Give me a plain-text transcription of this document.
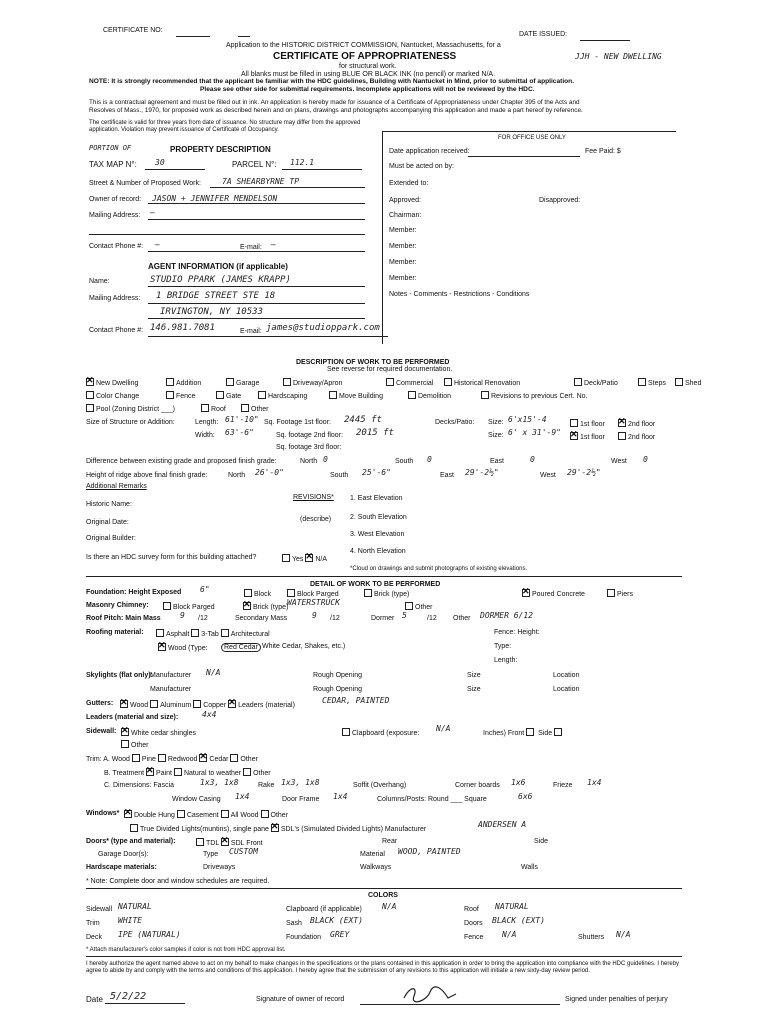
CERTIFICATE NO:
DATE ISSUED:
Application to the HISTORIC DISTRICT COMMISSION, Nantucket, Massachusetts, for a
CERTIFICATE OF APPROPRIATENESS	JJH - NEW DWELLING
for structural work.
All blanks must be filled in using BLUE OR BLACK INK (no pencil) or marked N/A.
NOTE: It is strongly recommended that the applicant be familiar with the HDC guidelines, Building with Nantucket in Mind, prior to submittal of application.
Please see other side for submittal requirements. Incomplete applications will not be reviewed by the HDC.
This is a contractual agreement and must be filled out in ink. An application is hereby made for issuance of a Certificate of Appropriateness under Chapter 395 of the Acts and
Resolves of Mass., 1970, for proposed work as described herein and on plans, drawings and photographs accompanying this application and made a part hereof by reference.
The certificate is valid for three years from date of issuance. No structure may differ from the approved application. Violation may prevent issuance of Certificate of Occupancy.
FOR OFFICE USE ONLY
Date application received:	Fee Paid: $
Must be acted on by:
Extended to:
Approved:	Disapproved:
Chairman:
Member:
Member:
Member:
Member:
Notes - Comments - Restrictions - Conditions
PORTION OF	PROPERTY DESCRIPTION
TAX MAP N°: 30	PARCEL N°: 112.1
Street & Number of Proposed Work:	7A SHEARBYRNE TP
Owner of record: JASON + JENNIFER MENDELSON
Mailing Address: —
Contact Phone #: —	E-mail: —
AGENT INFORMATION (if applicable)
Name:	STUDIO PPARK (JAMES KRAPP)
Mailing Address: 1 BRIDGE STREET STE 18
IRVINGTON, NY 10533
Contact Phone #: 146.981.7081	E-mail: james@studioppark.com
DESCRIPTION OF WORK TO BE PERFORMED
See reverse for required documentation.
✕New Dwelling	Addition	Garage	Driveway/Apron	Commercial	Historical Renovation	Deck/Patio	Steps	Shed
Color Change	Fence	Gate	Hardscaping	Move Building	Demolition	Revisions to previous Cert. No.
Pool (Zoning District ___)	Roof	Other
Size of Structure or Addition:	Length: 61'-10" Sq. Footage 1st floor: 2445 ft	Decks/Patio: Size: 6'x15'-4
1st floor ✕	2nd floor
Width: 63'-6"	Sq. footage 2nd floor: 2015 ft	Size: 6' x 31'-9"
✕1st floor	2nd floor
Sq. footage 3rd floor:
Difference between existing grade and proposed finish grade:	North 0	South 0	East	0	West 0
Height of ridge above final finish grade:	North 26'-0"	South 25'-6"	East 29'-2½"	West 29'-2½"
Additional Remarks
Historic Name:
Original Date:
Original Builder:
Is there an HDC survey form for this building attached?	Yes ✕N/A
REVISIONS*
(describe)
1. East Elevation
2. South Elevation
3. West Elevation
4. North Elevation
*Cloud on drawings and submit photographs of existing elevations.
DETAIL OF WORK TO BE PERFORMED
Foundation: Height Exposed 6"
Block	Block Parged	Brick (type) ✕	Poured Concrete	Piers
Masonry Chimney:	Block Parged ✕	Brick (type)
WATERSTRUCK
Other
Roof Pitch: Main Mass 9 /12	Secondary Mass	9 /12	Dormer 5	/12 Other DORMER 6/12
Roofing material:	Asphalt 3-Tab Architectural	Fence: Height:
✕Wood (Type:	Red Cedar White Cedar, Shakes, etc.)	Type:
Length:
Skylights (flat only):
Manufacturer N/A	Rough Opening	Size	Location
Manufacturer	Rough Opening	Size	Location
Gutters: ✕	Wood Aluminum Copper ✕Leaders (material)
CEDAR, PAINTED
Leaders (material and size):	4x4
Sidewall: ✕	White cedar shingles	Clapboard (exposure:
N/A
Inches) Front  Side
Other
Trim: A. Wood Pine Redwood ✕Cedar Other
B. Treatment ✕Paint Natural to weather Other
C. Dimensions: Fascia	1x3, 1x8	Rake 1x3, 1x8	Soffit (Overhang)	Corner boards 1x6	Frieze 1x4
Window Casing 1x4	Door Frame 1x4	Columns/Posts: Round ___ Square	6x6
Windows* ✕	Double Hung Casement All Wood Other
True Divided Lights(muntins), single pane ✕SDL's (Simulated Divided Lights) Manufacturer
ANDERSEN A
Doors* (type and material):	TDL ✕SDL Front	Rear	Side
Garage Door(s):	Type CUSTOM	Material WOOD, PAINTED
Hardscape materials:	Driveways	Walkways	Walls
* Note: Complete door and window schedules are required.
COLORS
Sidewall NATURAL	Clapboard (if applicable)	N/A	Roof NATURAL
Trim WHITE	Sash BLACK (EXT)	Doors BLACK (EXT)
Deck IPE (NATURAL)	Foundation GREY	Fence N/A	Shutters N/A
* Attach manufacturer's color samples if color is not from HDC approval list.
I hereby authorize the agent named above to act on my behalf to make changes in the specifications or the plans contained in this application in order to bring the application into compliance with the HDC guidelines. I hereby agree to abide by and comply with the terms and conditions of this application. I hereby agree that the submission of any revisions to this application will initiate a new sixty-day review period.
Date 5/2/22	Signature of owner of record	Signed under penalties of perjury
